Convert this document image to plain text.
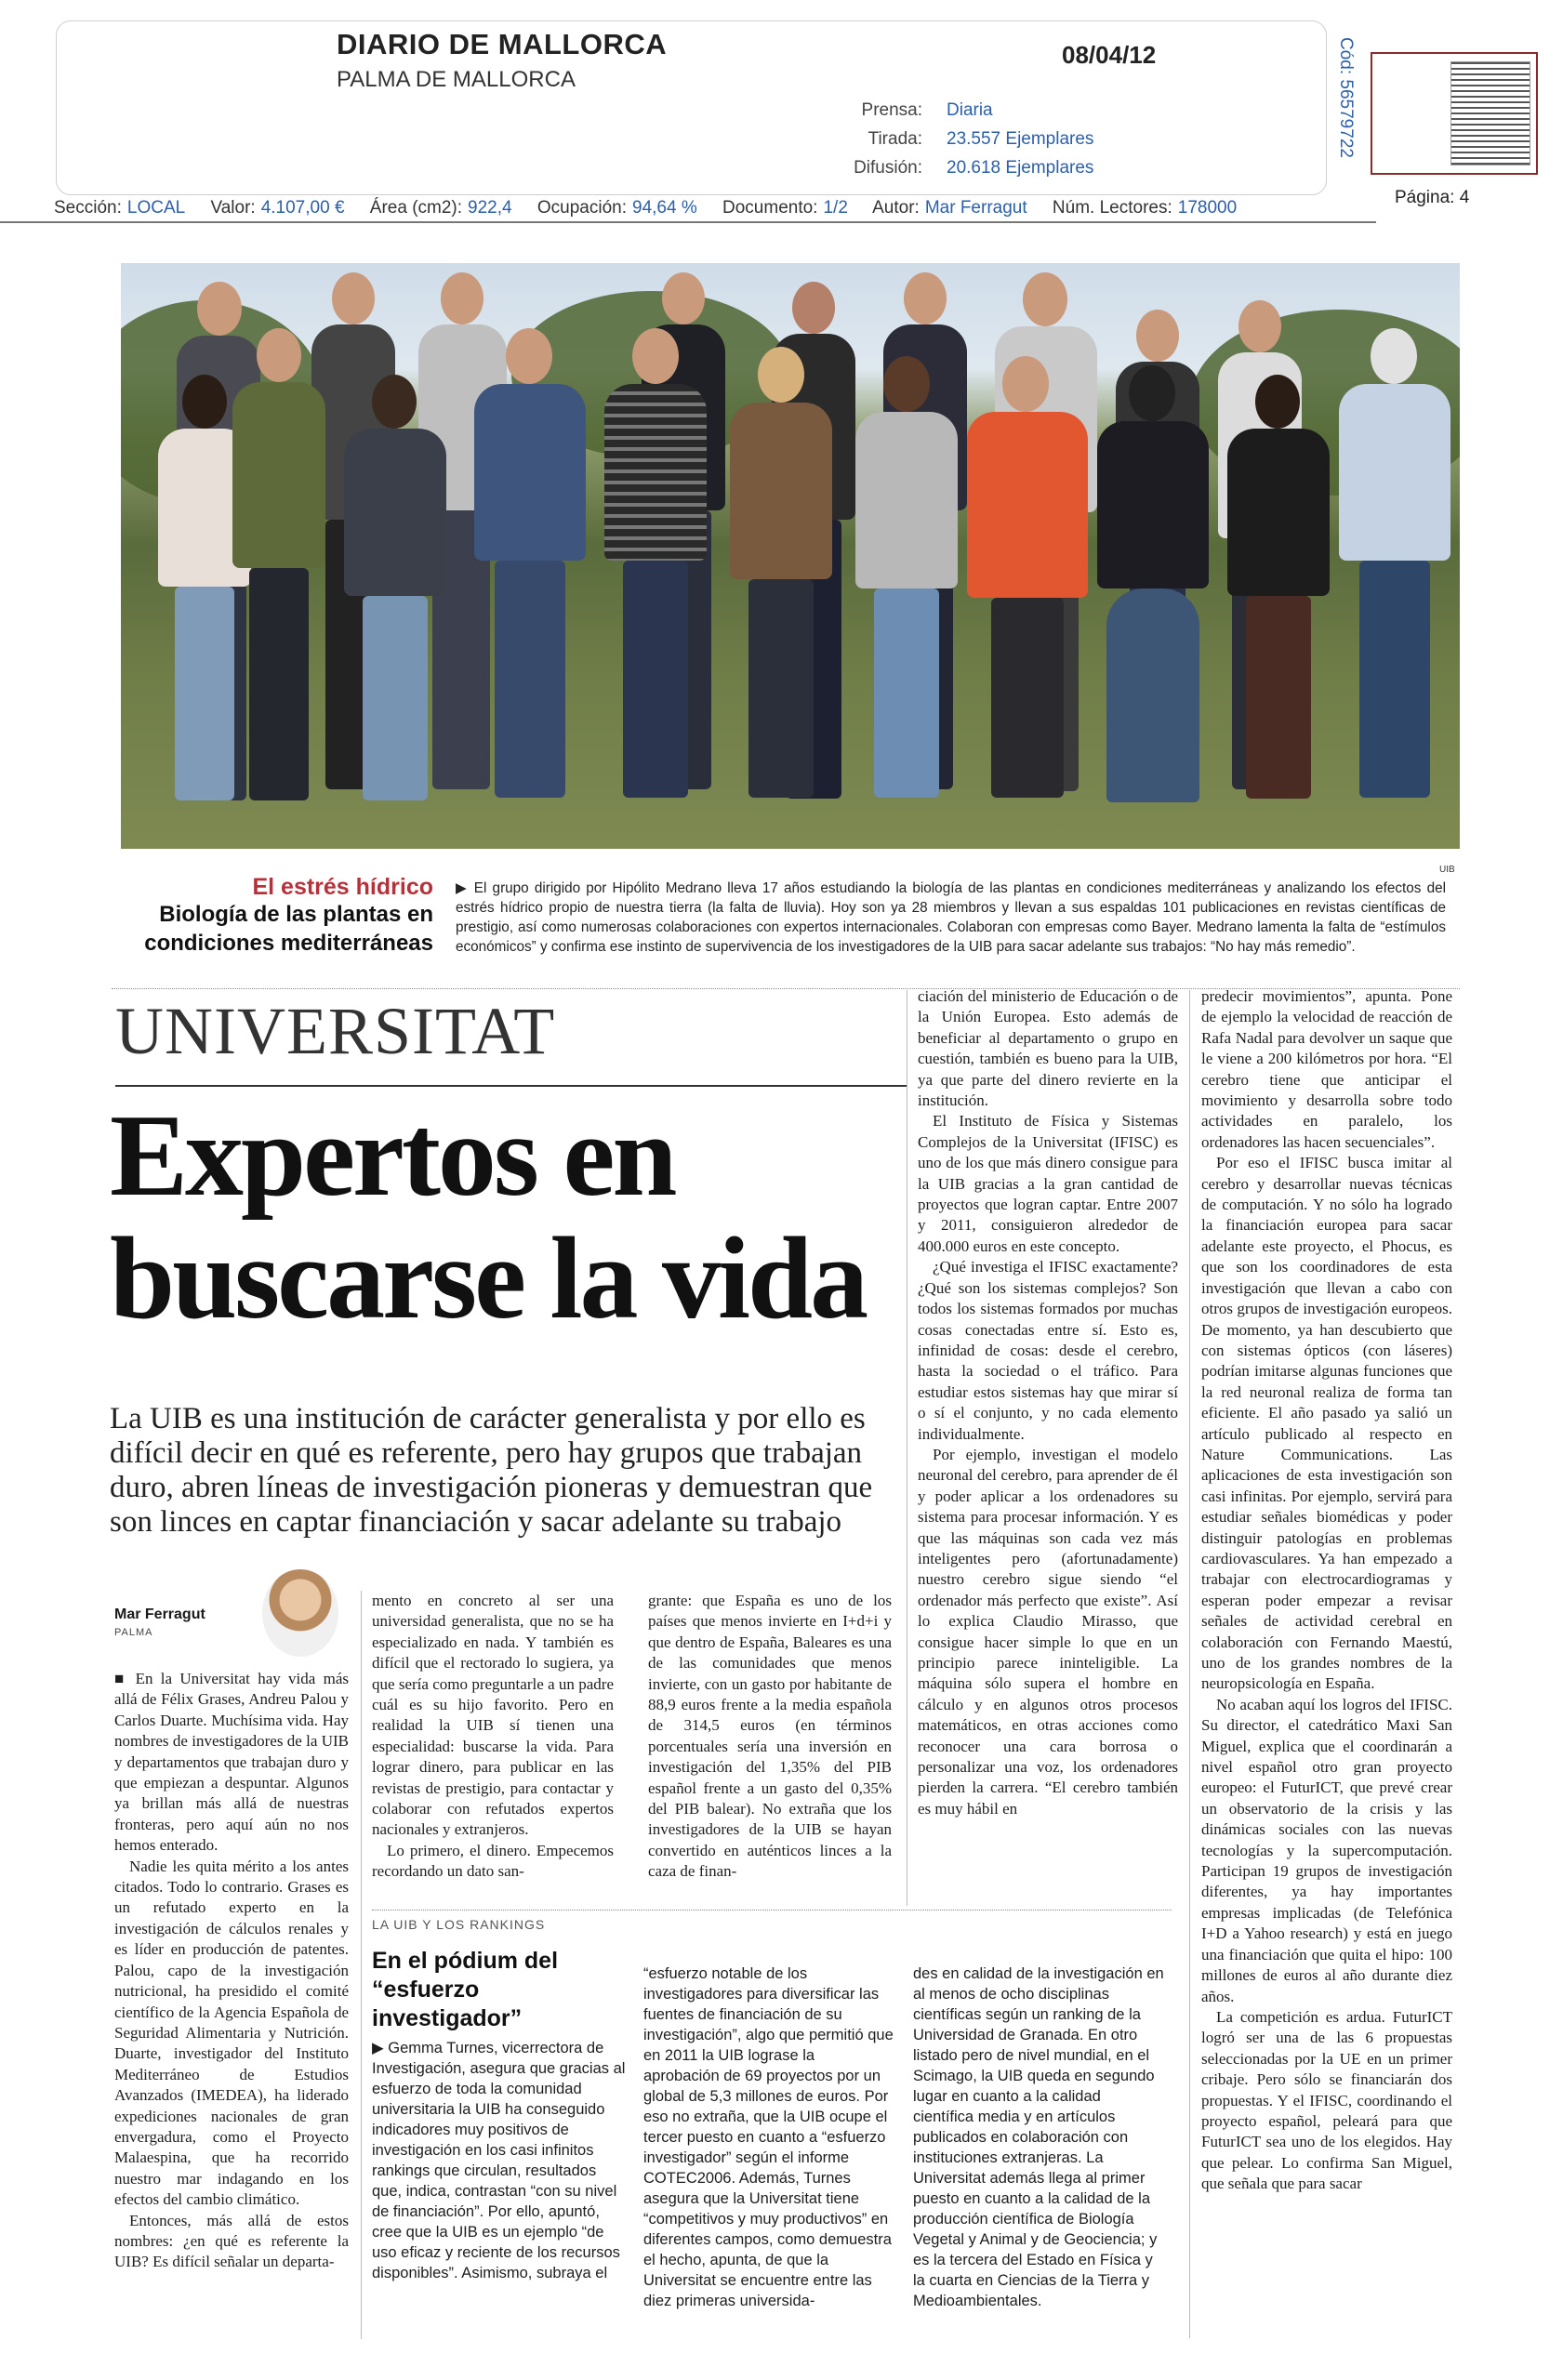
DIARIO DE MALLORCA
PALMA DE MALLORCA
08/04/12
Prensa: Diaria
Tirada: 23.557 Ejemplares
Difusión: 20.618 Ejemplares
Cód: 56579722
Página: 4
Sección: LOCAL Valor: 4.107,00 € Área (cm2): 922,4 Ocupación: 94,64 % Documento: 1/2 Autor: Mar Ferragut Núm. Lectores: 178000
UIB
El estrés hídrico
Biología de las plantas en condiciones mediterráneas
▶ El grupo dirigido por Hipólito Medrano lleva 17 años estudiando la biología de las plantas en condiciones mediterráneas y analizando los efectos del estrés hídrico propio de nuestra tierra (la falta de lluvia). Hoy son ya 28 miembros y llevan a sus espaldas 101 publicaciones en revistas científicas de prestigio, así como numerosas colaboraciones con expertos internacionales. Colaboran con empresas como Bayer. Medrano lamenta la falta de “estímulos económicos” y confirma ese instinto de supervivencia de los investigadores de la UIB para sacar adelante sus trabajos: “No hay más remedio”.
UNIVERSITAT
Expertos en buscarse la vida
La UIB es una institución de carácter generalista y por ello es difícil decir en qué es referente, pero hay grupos que trabajan duro, abren líneas de investigación pioneras y demuestran que son linces en captar financiación y sacar adelante su trabajo
Mar Ferragut
PALMA

■ En la Universitat hay vida más allá de Félix Grases, Andreu Palou y Carlos Duarte. Muchísima vida. Hay nombres de investigadores de la UIB y departamentos que trabajan duro y que empiezan a despuntar. Algunos ya brillan más allá de nuestras fronteras, pero aquí aún no nos hemos enterado.

Nadie les quita mérito a los antes citados. Todo lo contrario. Grases es un refutado experto en la investigación de cálculos renales y es líder en producción de patentes. Palou, capo de la investigación nutricional, ha presidido el comité científico de la Agencia Española de Seguridad Alimentaria y Nutrición. Duarte, investigador del Instituto Mediterráneo de Estudios Avanzados (IMEDEA), ha liderado expediciones nacionales de gran envergadura, como el Proyecto Malaespina, que ha recorrido nuestro mar indagando en los efectos del cambio climático.

Entonces, más allá de estos nombres: ¿en qué es referente la UIB? Es difícil señalar un departa-

mento en concreto al ser una universidad generalista, que no se ha especializado en nada. Y también es difícil que el rectorado lo sugiera, ya que sería como preguntarle a un padre cuál es su hijo favorito. Pero en realidad la UIB sí tienen una especialidad: buscarse la vida. Para lograr dinero, para publicar en las revistas de prestigio, para contactar y colaborar con refutados expertos nacionales y extranjeros.

Lo primero, el dinero. Empecemos recordando un dato san-

grante: que España es uno de los países que menos invierte en I+d+i y que dentro de España, Baleares es una de las comunidades que menos invierte, con un gasto por habitante de 88,9 euros frente a la media española de 314,5 euros (en términos porcentuales sería una inversión en investigación del 1,35% del PIB español frente a un gasto del 0,35% del PIB balear). No extraña que los investigadores de la UIB se hayan convertido en auténticos linces a la caza de finan-

ciación del ministerio de Educación o de la Unión Europea. Esto además de beneficiar al departamento o grupo en cuestión, también es bueno para la UIB, ya que parte del dinero revierte en la institución.

El Instituto de Física y Sistemas Complejos de la Universitat (IFISC) es uno de los que más dinero consigue para la UIB gracias a la gran cantidad de proyectos que logran captar. Entre 2007 y 2011, consiguieron alrededor de 400.000 euros en este concepto.

¿Qué investiga el IFISC exactamente? ¿Qué son los sistemas complejos? Son todos los sistemas formados por muchas cosas conectadas entre sí. Esto es, infinidad de cosas: desde el cerebro, hasta la sociedad o el tráfico. Para estudiar estos sistemas hay que mirar sí o sí el conjunto, y no cada elemento individualmente.

Por ejemplo, investigan el modelo neuronal del cerebro, para aprender de él y poder aplicar a los ordenadores su sistema para procesar información. Y es que las máquinas son cada vez más inteligentes pero (afortunadamente) nuestro cerebro sigue siendo “el ordenador más perfecto que existe”. Así lo explica Claudio Mirasso, que consigue hacer simple lo que en un principio parece ininteligible. La máquina sólo supera el hombre en cálculo y en algunos otros procesos matemáticos, en otras acciones como reconocer una cara borrosa o personalizar una voz, los ordenadores pierden la carrera. “El cerebro también es muy hábil en

predecir movimientos”, apunta. Pone de ejemplo la velocidad de reacción de Rafa Nadal para devolver un saque que le viene a 200 kilómetros por hora. “El cerebro tiene que anticipar el movimiento y desarrolla sobre todo actividades en paralelo, los ordenadores las hacen secuenciales”.

Por eso el IFISC busca imitar al cerebro y desarrollar nuevas técnicas de computación. Y no sólo ha logrado la financiación europea para sacar adelante este proyecto, el Phocus, es que son los coordinadores de esta investigación que llevan a cabo con otros grupos de investigación europeos. De momento, ya han descubierto que con sistemas ópticos (con láseres) podrían imitarse algunas funciones que la red neuronal realiza de forma tan eficiente. El año pasado ya salió un artículo publicado al respecto en Nature Communications. Las aplicaciones de esta investigación son casi infinitas. Por ejemplo, servirá para estudiar señales biomédicas y poder distinguir patologías en problemas cardiovasculares. Ya han empezado a trabajar con electrocardiogramas y esperan poder empezar a revisar señales de actividad cerebral en colaboración con Fernando Maestú, uno de los grandes nombres de la neuropsicología en España.

No acaban aquí los logros del IFISC. Su director, el catedrático Maxi San Miguel, explica que el coordinarán a nivel español otro gran proyecto europeo: el FuturICT, que prevé crear un observatorio de la crisis y las dinámicas sociales con las nuevas tecnologías y la supercomputación. Participan 19 grupos de investigación diferentes, ya hay importantes empresas implicadas (de Telefónica I+D a Yahoo research) y está en juego una financiación que quita el hipo: 100 millones de euros al año durante diez años.

La competición es ardua. FuturICT logró ser una de las 6 propuestas seleccionadas por la UE en un primer cribaje. Pero sólo se financiarán dos propuestas. Y el IFISC, coordinando el proyecto español, peleará para que FuturICT sea uno de los elegidos. Hay que pelear. Lo confirma San Miguel, que señala que para sacar

LA UIB Y LOS RANKINGS
En el pódium del “esfuerzo investigador”

▶ Gemma Turnes, vicerrectora de Investigación, asegura que gracias al esfuerzo de toda la comunidad universitaria la UIB ha conseguido indicadores muy positivos de investigación en los casi infinitos rankings que circulan, resultados que, indica, contrastan “con su nivel de financiación”. Por ello, apuntó, cree que la UIB es un ejemplo “de uso eficaz y reciente de los recursos disponibles”. Asimismo, subraya el

“esfuerzo notable de los investigadores para diversificar las fuentes de financiación de su investigación”, algo que permitió que en 2011 la UIB lograse la aprobación de 69 proyectos por un global de 5,3 millones de euros. Por eso no extraña, que la UIB ocupe el tercer puesto en cuanto a “esfuerzo investigador” según el informe COTEC2006. Además, Turnes asegura que la Universitat tiene “competitivos y muy productivos” en diferentes campos, como demuestra el hecho, apunta, de que la Universitat se encuentre entre las diez primeras universida-

des en calidad de la investigación en al menos de ocho disciplinas científicas según un ranking de la Universidad de Granada. En otro listado pero de nivel mundial, en el Scimago, la UIB queda en segundo lugar en cuanto a la calidad científica media y en artículos publicados en colaboración con instituciones extranjeras. La Universitat además llega al primer puesto en cuanto a la calidad de la producción científica de Biología Vegetal y Animal y de Geociencia; y es la tercera del Estado en Física y la cuarta en Ciencias de la Tierra y Medioambientales.
